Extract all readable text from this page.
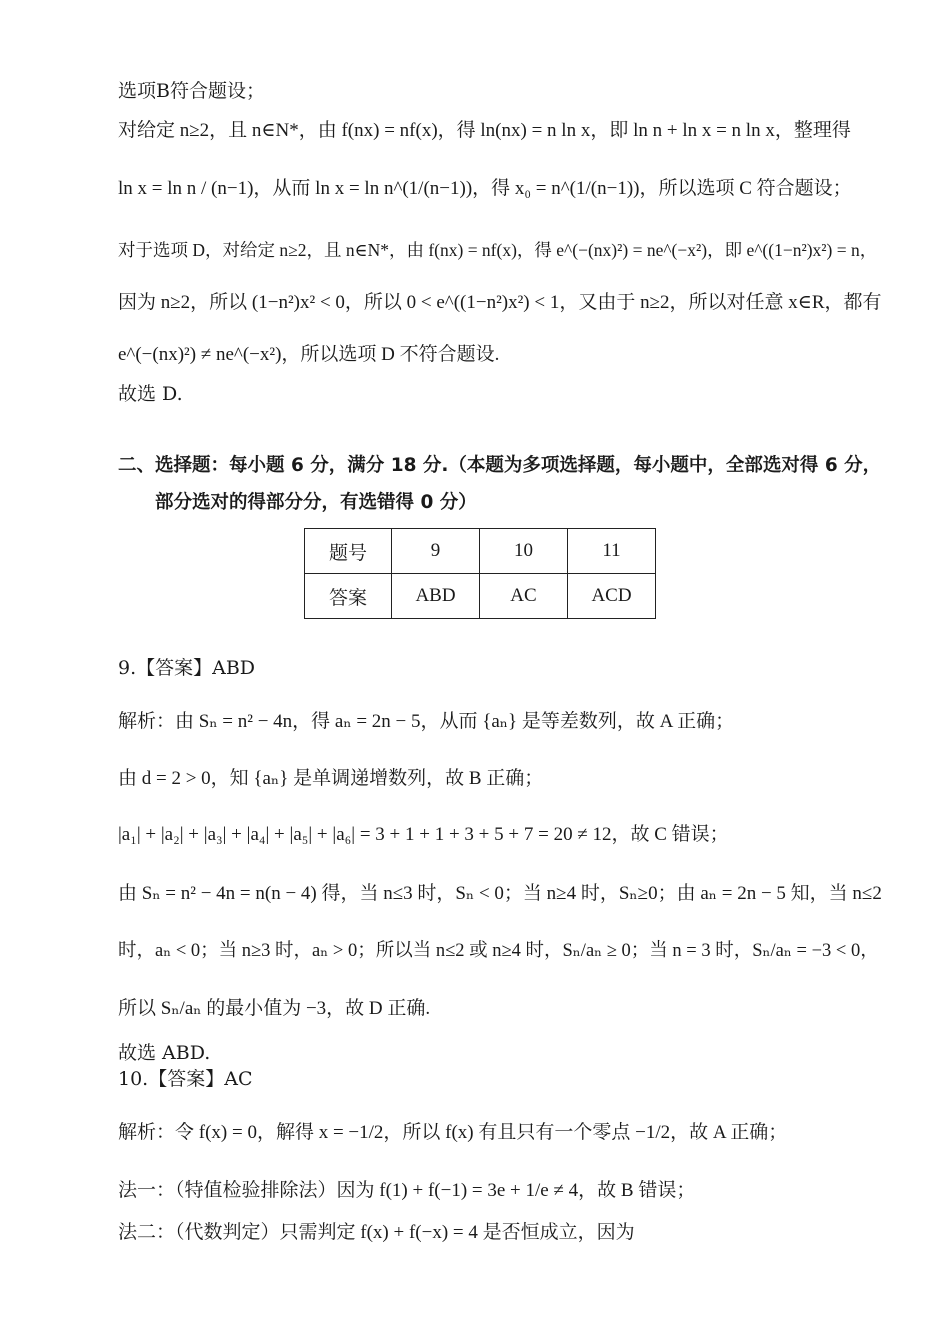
选项B符合题设；
对给定 n≥2，且 n∈N*，由 f(nx) = nf(x)，得 ln(nx) = n ln x，即 ln n + ln x = n ln x，整理得
ln x = ln n / (n−1)，从而 ln x = ln n^(1/(n−1))，得 x₀ = n^(1/(n−1))，所以选项 C 符合题设；
对于选项 D，对给定 n≥2，且 n∈N*，由 f(nx) = nf(x)，得 e^(−(nx)²) = ne^(−x²)，即 e^((1−n²)x²) = n，
因为 n≥2，所以 (1−n²)x² < 0，所以 0 < e^((1−n²)x²) < 1，又由于 n≥2，所以对任意 x∈R，都有
e^(−(nx)²) ≠ ne^(−x²)，所以选项 D 不符合题设.
故选 D.
二、选择题：每小题 6 分，满分 18 分.（本题为多项选择题，每小题中，全部选对得 6 分，
部分选对的得部分分，有选错得 0 分）
题号	9	10	11
答案	ABD	AC	ACD
9.【答案】ABD
解析：由 Sₙ = n² − 4n，得 aₙ = 2n − 5，从而 {aₙ} 是等差数列，故 A 正确；
由 d = 2 > 0，知 {aₙ} 是单调递增数列，故 B 正确；
|a₁| + |a₂| + |a₃| + |a₄| + |a₅| + |a₆| = 3 + 1 + 1 + 3 + 5 + 7 = 20 ≠ 12，故 C 错误；
由 Sₙ = n² − 4n = n(n − 4) 得，当 n≤3 时，Sₙ < 0；当 n≥4 时，Sₙ≥0；由 aₙ = 2n − 5 知，当 n≤2
时，aₙ < 0；当 n≥3 时，aₙ > 0；所以当 n≤2 或 n≥4 时，Sₙ/aₙ ≥ 0；当 n = 3 时，Sₙ/aₙ = −3 < 0，
所以 Sₙ/aₙ 的最小值为 −3，故 D 正确.
故选 ABD.
10.【答案】AC
解析：令 f(x) = 0，解得 x = −1/2，所以 f(x) 有且只有一个零点 −1/2，故 A 正确；
法一：（特值检验排除法）因为 f(1) + f(−1) = 3e + 1/e ≠ 4，故 B 错误；
法二：（代数判定）只需判定 f(x) + f(−x) = 4 是否恒成立，因为
